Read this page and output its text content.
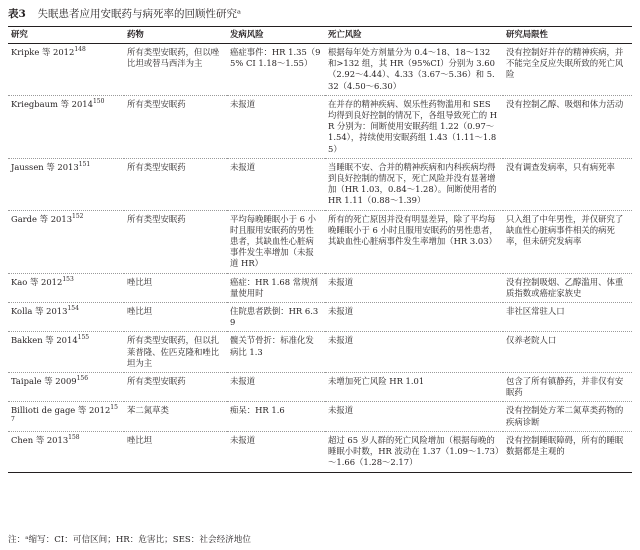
表3 失眠患者应用安眠药与病死率的回顾性研究ᵃ
研究	药物	发病风险	死亡风险	研究局限性
Kripke 等 2012$^{148}$	所有类型安眠药，但以唑比坦或替马西泮为主	癌症事件：HR 1.35（95% CI 1.18～1.55）	根据每年处方剂量分为 0.4～18、18～132 和>132 组，其 HR（95%CI）分别为 3.60（2.92～4.44）、4.33（3.67～5.36）和 5.32（4.50～6.30）	没有控制好并存的精神疾病，并不能完全反应失眠所致的死亡风险
Kriegbaum 等 2014$^{150}$	所有类型安眠药	未报道	在并存的精神疾病、娱乐性药物滥用和 SES 均得到良好控制的情况下，各组导致死亡的 HR 分别为：间断使用安眠药组 1.22（0.97～1.54），持续使用安眠药组 1.43（1.11～1.85）	没有控制乙醇、吸烟和体力活动
Jaussen 等 2013$^{151}$	所有类型安眠药	未报道	当睡眠不安、合并的精神疾病和内科疾病均得到良好控制的情况下，死亡风险并没有显著增加（HR 1.03，0.84～1.28）。间断使用者的 HR 1.11（0.88～1.39）	没有调查发病率，只有病死率
Garde 等 2013$^{152}$	所有类型安眠药	平均每晚睡眠小于 6 小时且服用安眠药的男性患者，其缺血性心脏病事件发生率增加（未报道 HR）	所有的死亡原因并没有明显差异，除了平均每晚睡眠小于 6 小时且服用安眠药的男性患者，其缺血性心脏病事件发生率增加（HR 3.03）	只入组了中年男性，并仅研究了缺血性心脏病事件相关的病死率，但未研究发病率
Kao 等 2012$^{153}$	唑比坦	癌症：HR 1.68 常规剂量使用时	未报道	没有控制吸烟、乙醇滥用、体重质指数或癌症家族史
Kolla 等 2013$^{154}$	唑比坦	住院患者跌倒：HR 6.39	未报道	非社区常驻人口
Bakken 等 2014$^{155}$	所有类型安眠药，但以扎莱普隆、佐匹克隆和唑比坦为主	髋关节骨折：标准化发病比 1.3	未报道	仅养老院人口
Taipale 等 2009$^{156}$	所有类型安眠药	未报道	未增加死亡风险 HR 1.01	包含了所有镇静药，并非仅有安眠药
Billioti de gage 等 2012$^{157}$	苯二氮草类	痴呆：HR 1.6	未报道	没有控制处方苯二氮草类药物的疾病诊断
Chen 等 2013$^{158}$	唑比坦	未报道	超过 65 岁人群的死亡风险增加（根据每晚的睡眠小时数，HR 波动在 1.37（1.09～1.73）～1.66（1.28～2.17）	没有控制睡眠障碍，所有的睡眠数据都是主观的
注：ᵃ缩写：CI：可信区间；HR：危害比；SES：社会经济地位
